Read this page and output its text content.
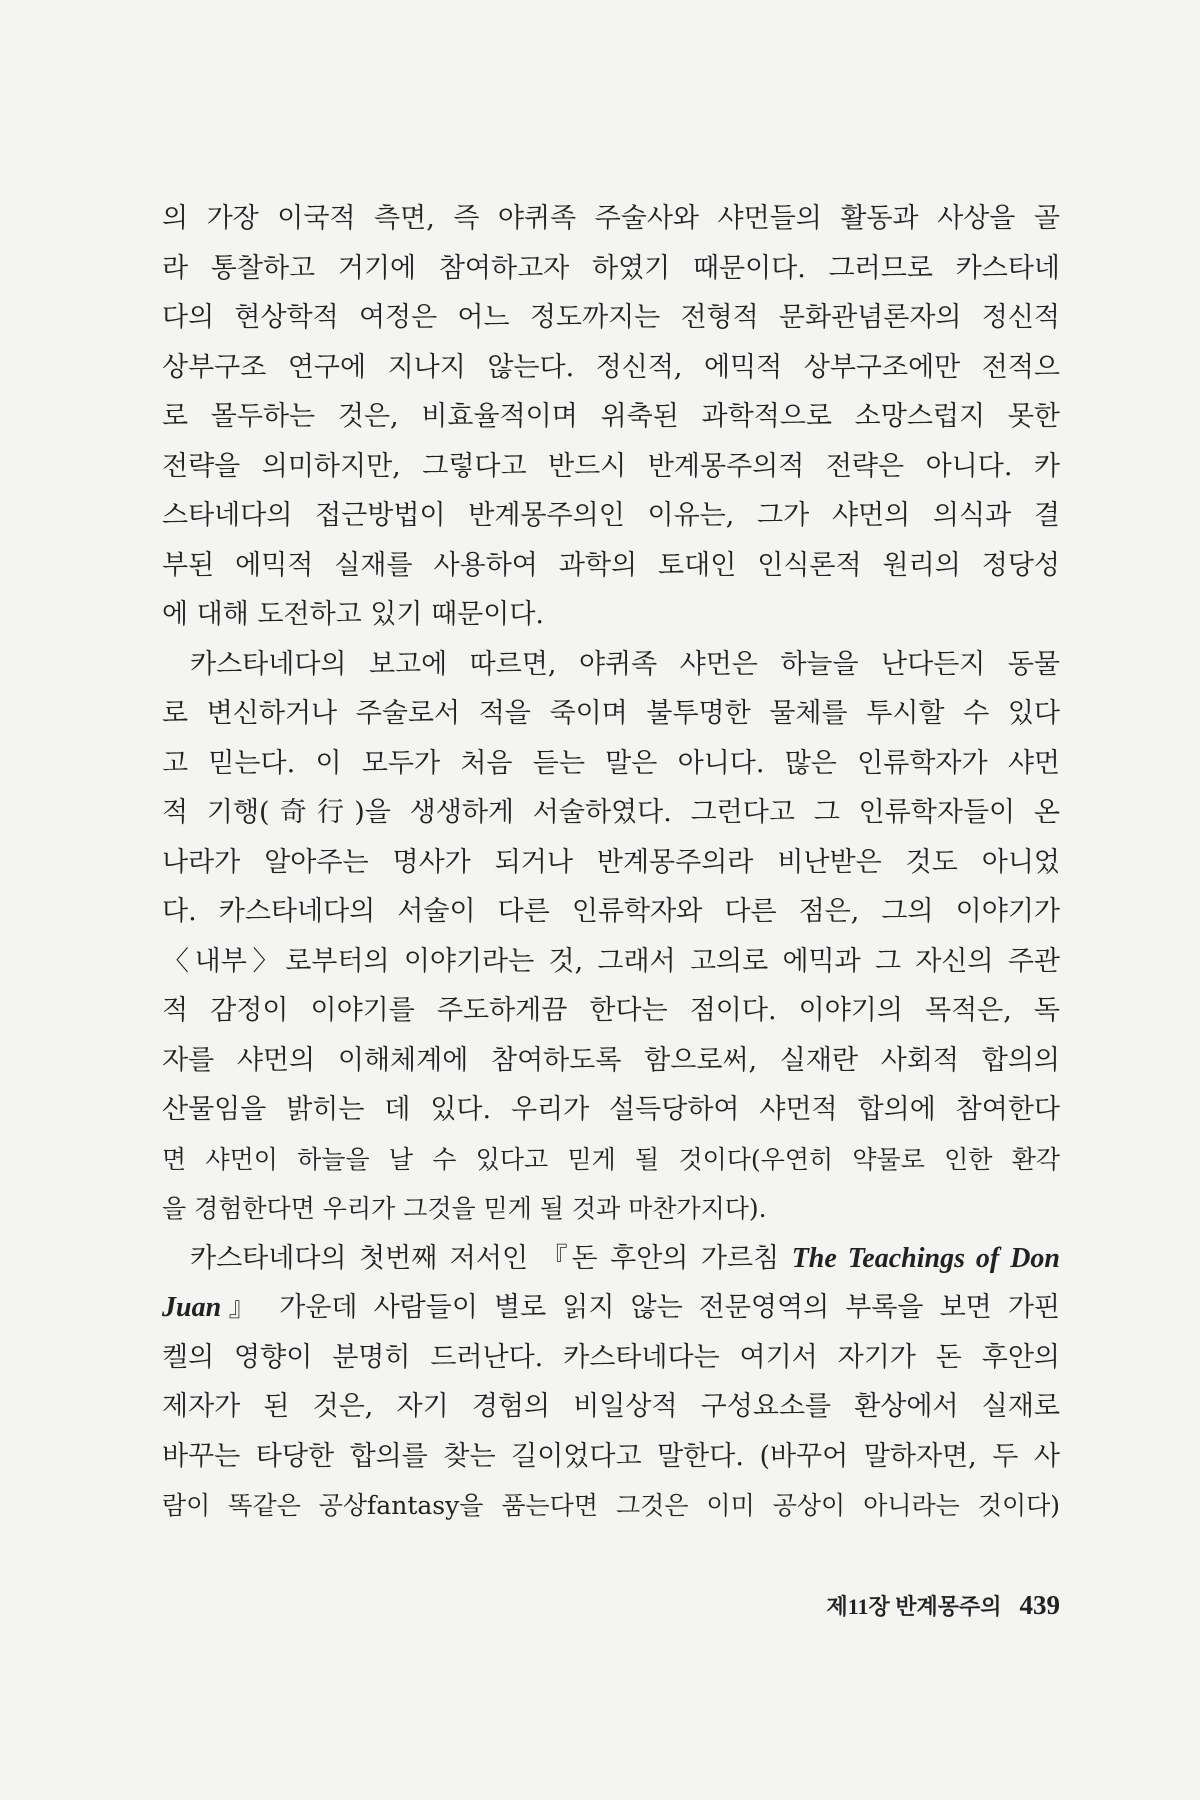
의 가장 이국적 측면, 즉 야퀴족 주술사와 샤먼들의 활동과 사상을 골
라 통찰하고 거기에 참여하고자 하였기 때문이다. 그러므로 카스타네
다의 현상학적 여정은 어느 정도까지는 전형적 문화관념론자의 정신적
상부구조 연구에 지나지 않는다. 정신적, 에믹적 상부구조에만 전적으
로 몰두하는 것은, 비효율적이며 위축된 과학적으로 소망스럽지 못한
전략을 의미하지만, 그렇다고 반드시 반계몽주의적 전략은 아니다. 카
스타네다의 접근방법이 반계몽주의인 이유는, 그가 샤먼의 의식과 결
부된 에믹적 실재를 사용하여 과학의 토대인 인식론적 원리의 정당성
에 대해 도전하고 있기 때문이다.
카스타네다의 보고에 따르면, 야퀴족 샤먼은 하늘을 난다든지 동물
로 변신하거나 주술로서 적을 죽이며 불투명한 물체를 투시할 수 있다
고 믿는다. 이 모두가 처음 듣는 말은 아니다. 많은 인류학자가 샤먼
적 기행(奇行)을 생생하게 서술하였다. 그런다고 그 인류학자들이 온
나라가 알아주는 명사가 되거나 반계몽주의라 비난받은 것도 아니었
다. 카스타네다의 서술이 다른 인류학자와 다른 점은, 그의 이야기가
〈내부〉로부터의 이야기라는 것, 그래서 고의로 에믹과 그 자신의 주관
적 감정이 이야기를 주도하게끔 한다는 점이다. 이야기의 목적은, 독
자를 샤먼의 이해체계에 참여하도록 함으로써, 실재란 사회적 합의의
산물임을 밝히는 데 있다. 우리가 설득당하여 샤먼적 합의에 참여한다
면 샤먼이 하늘을 날 수 있다고 믿게 될 것이다(우연히 약물로 인한 환각
을 경험한다면 우리가 그것을 믿게 될 것과 마찬가지다).
카스타네다의 첫번째 저서인 『돈 후안의 가르침 The Teachings of Don
Juan』 가운데 사람들이 별로 읽지 않는 전문영역의 부록을 보면 가핀
켈의 영향이 분명히 드러난다. 카스타네다는 여기서 자기가 돈 후안의
제자가 된 것은, 자기 경험의 비일상적 구성요소를 환상에서 실재로
바꾸는 타당한 합의를 찾는 길이었다고 말한다. (바꾸어 말하자면, 두 사
람이 똑같은 공상fantasy을 품는다면 그것은 이미 공상이 아니라는 것이다)
제11장 반계몽주의 439
